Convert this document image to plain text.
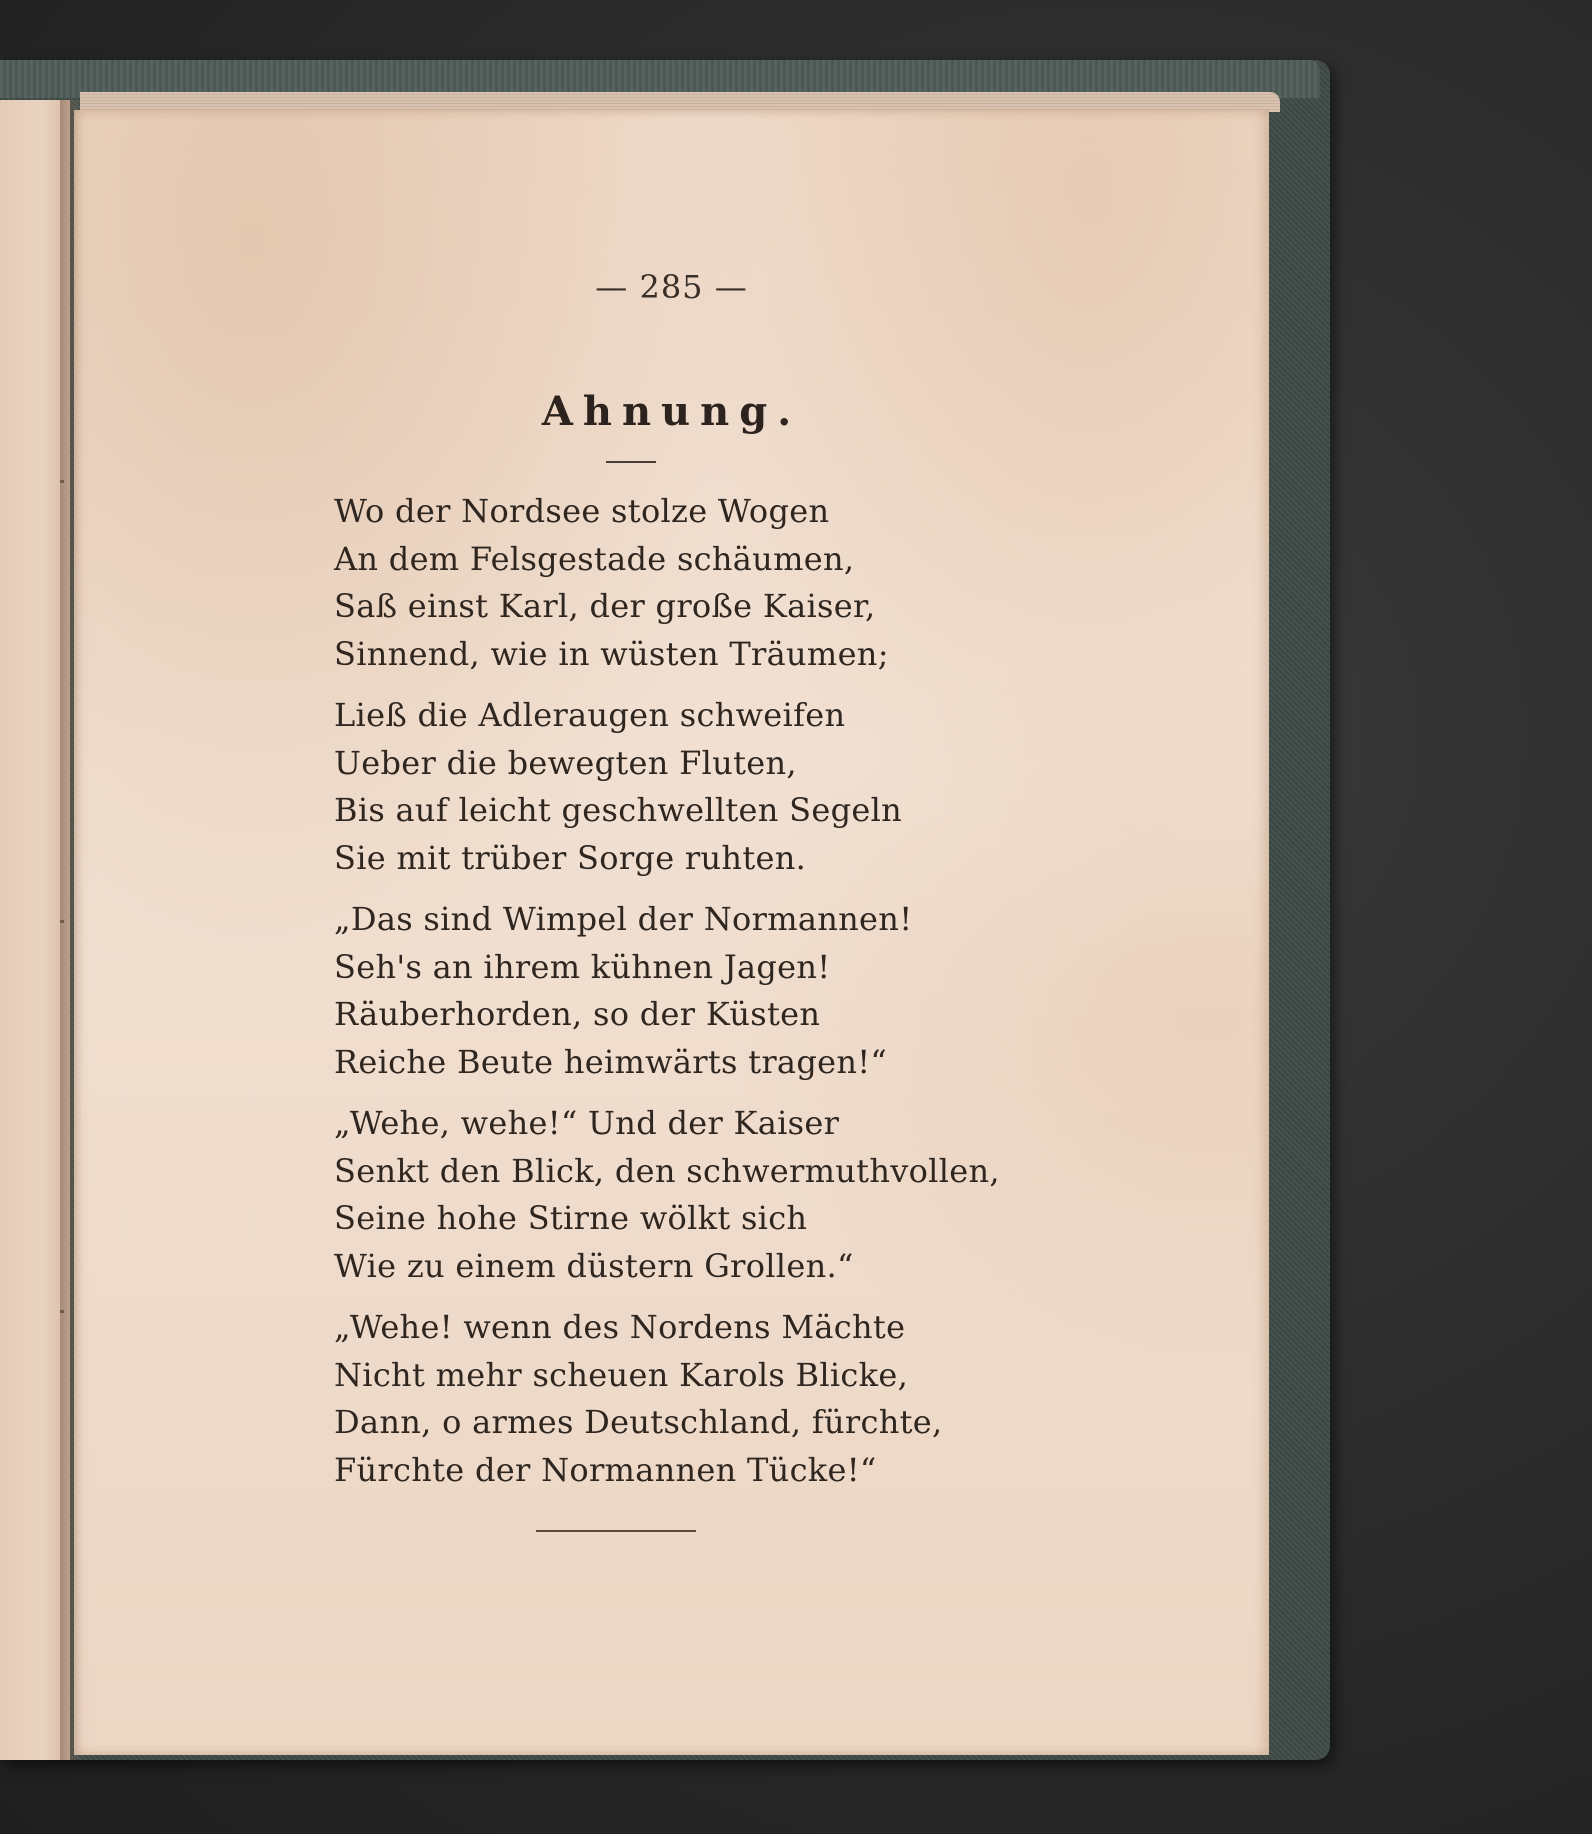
— 285 —
Ahnung.
Wo der Nordsee stolze Wogen
An dem Felsgestade schäumen,
Saß einst Karl, der große Kaiser,
Sinnend, wie in wüsten Träumen;
Ließ die Adleraugen schweifen
Ueber die bewegten Fluten,
Bis auf leicht geschwellten Segeln
Sie mit trüber Sorge ruhten.
„Das sind Wimpel der Normannen!
Seh's an ihrem kühnen Jagen!
Räuberhorden, so der Küsten
Reiche Beute heimwärts tragen!“
„Wehe, wehe!“ Und der Kaiser
Senkt den Blick, den schwermuthvollen,
Seine hohe Stirne wölkt sich
Wie zu einem düstern Grollen.“
„Wehe! wenn des Nordens Mächte
Nicht mehr scheuen Karols Blicke,
Dann, o armes Deutschland, fürchte,
Fürchte der Normannen Tücke!“
